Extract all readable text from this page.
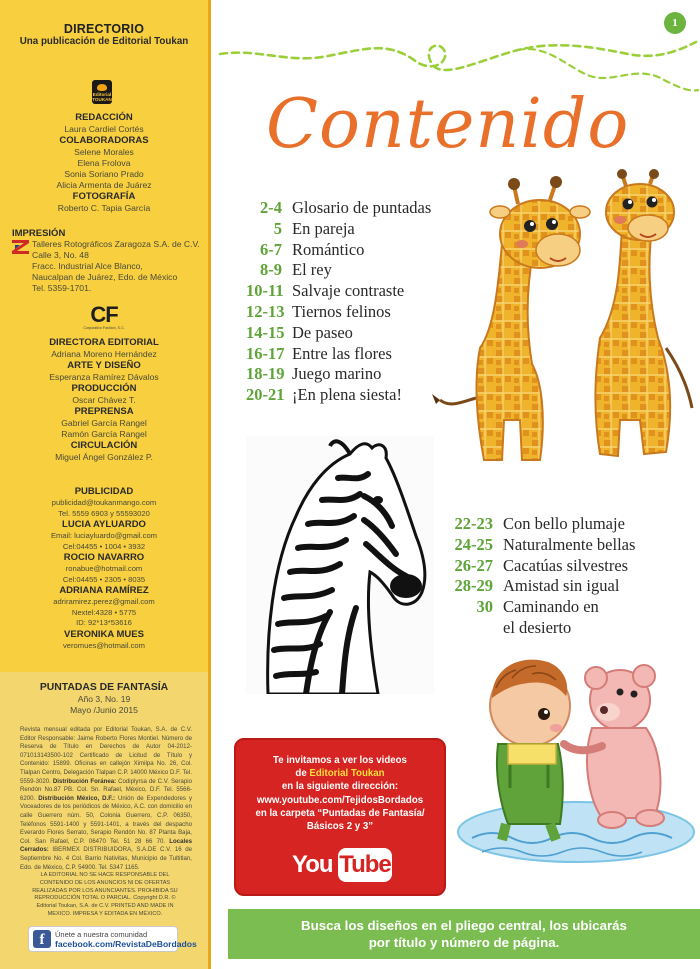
DIRECTORIO
Una publicación de Editorial Toukan
Editorial TOUKAN
REDACCIÓN
Laura Cardiel Cortés
COLABORADORAS
Selene Morales
Elena Frolova
Sonia Soriano Prado
Alicia Armenta de Juárez
FOTOGRAFÍA
Roberto C. Tapia García
IMPRESIÓN
Talleres Rotográficos Zaragoza S.A. de C.V.
Calle 3, No. 48
Fracc. Industrial Alce Blanco,
Naucalpan de Juárez, Edo. de México
Tel. 5359-1701.
CF
Corporativo Fashion, S.C.
DIRECTORA EDITORIAL
Adriana Moreno Hernández
ARTE Y DISEÑO
Esperanza Ramírez Dávalos
PRODUCCIÓN
Oscar Chávez T.
PREPRENSA
Gabriel García Rangel
Ramón García Rangel
CIRCULACIÓN
Miguel Ángel González P.
PUBLICIDAD
publicidad@toukanmango.com
Tel. 5559 6903 y 55593020
LUCIA AYLUARDO
Email: luciayluardo@gmail.com
Cel:04455 • 1004 • 3932
ROCIO NAVARRO
ronabue@hotmail.com
Cel:04455 • 2305 • 8035
ADRIANA RAMÍREZ
adriramirez.perez@gmail.com
Nextel:4328 • 5775
ID: 92*13*53616
VERONIKA MUES
veromues@hotmail.com
PUNTADAS DE FANTASÍA
Año 3, No. 19
Mayo /Junio 2015
Revista mensual editada por Editorial Toukan, S.A. de C.V. Editor Responsable: Jaime Roberto Flores Montiel. Número de Reserva de Título en Derechos de Autor 04-2012-071013143500-102 Certificado de Licitud de Título y Contenido: 15899. Oficinas en callejón Ximilpa No. 26, Col. Tlalpan Centro, Delegación Tlalpan C.P. 14000 México D.F. Tel. 5559-3020. Distribución Foránea: Codiplyrsa de C.V. Serapio Rendón No.87 PB. Col. Sn. Rafael, México, D.F. Tel. 5566-6200. Distribución México, D.F.: Unión de Expendedores y Voceadores de los periódicos de México, A.C. con domicilio en calle Guerrero núm. 50, Colonia Guerrero, C.P. 06350, Teléfonos 5591-1400 y 5591-1401, a través del despacho Everardo Flores Serrato, Serapio Rendón No. 87 Planta Baja, Col. San Rafael, C.P. 06470 Tel. 51 28 66 70. Locales Cerrados: IBERMEX DISTRIBUIDORA, S.A.DE C.V. 16 de Septiembre No. 4 Col. Barrio Nativitas, Municipio de Tultitlan, Edo. de México, C.P. 54900. Tel. 5347 1165.
LA EDITORIAL NO SE HACE RESPONSABLE DEL CONTENIDO DE LOS ANUNCIOS NI DE OFERTAS REALIZADAS POR LOS ANUNCIANTES. PROHIBIDA SU REPRODUCCIÓN TOTAL O PARCIAL. Copyright D.R. © Editorial Toukan, S.A. de C.V. PRINTED AND MADE IN MEXICO. IMPRESA Y EDITADA EN MÉXICO.
f	Únete a nuestra comunidad
facebook.com/RevistaDeBordados
1
Contenido
2-4 Glosario de puntadas
5 En pareja
6-7 Romántico
8-9 El rey
10-11 Salvaje contraste
12-13 Tiernos felinos
14-15 De paseo
16-17 Entre las flores
18-19 Juego marino
20-21 ¡En plena siesta!
22-23 Con bello plumaje
24-25 Naturalmente bellas
26-27 Cacatúas silvestres
28-29 Amistad sin igual
30 Caminando en
el desierto
Te invitamos a ver los videos
de Editorial Toukan
en la siguiente dirección:
www.youtube.com/TejidosBordados
en la carpeta “Puntadas de Fantasía/
Básicos 2 y 3”
You Tube
Busca los diseños en el pliego central, los ubicarás
por título y número de página.
